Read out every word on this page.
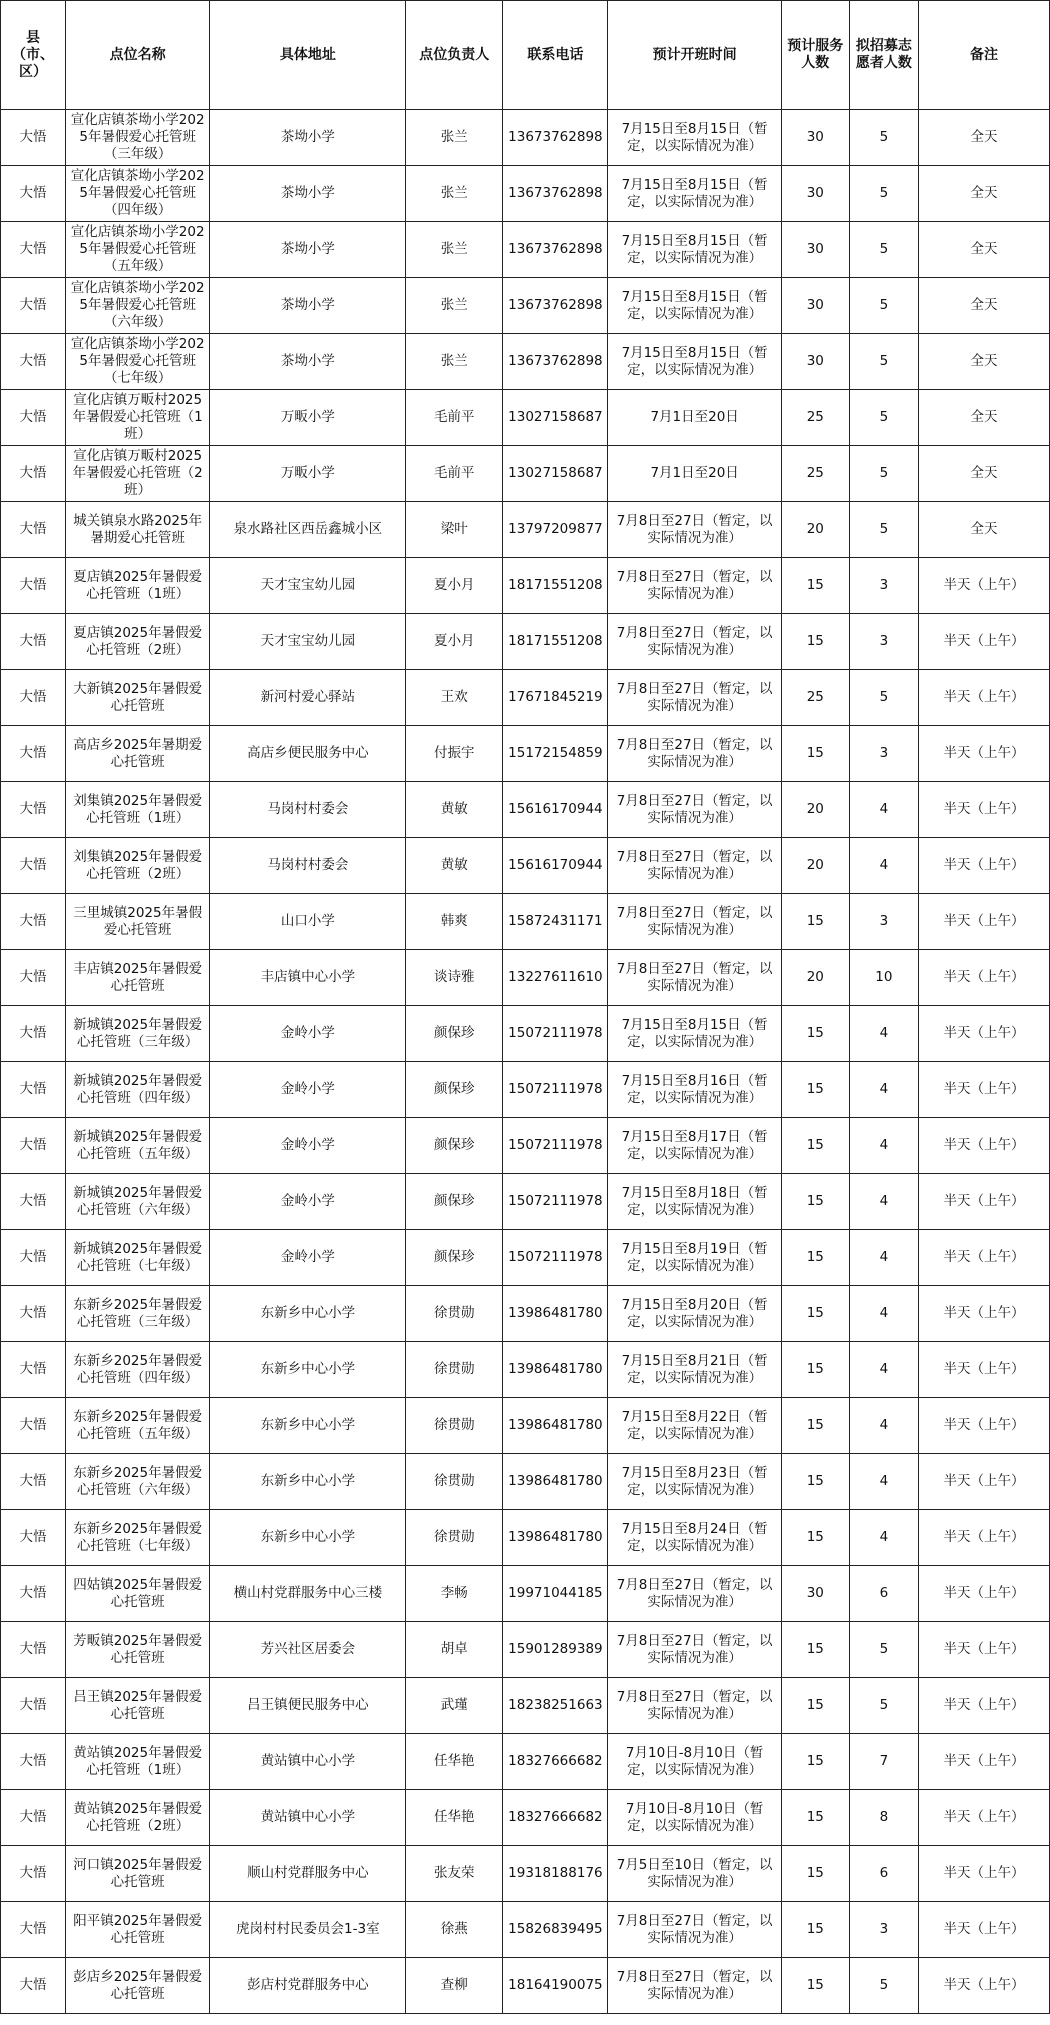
县（市、区）	点位名称	具体地址	点位负责人	联系电话	预计开班时间	预计服务人数	拟招募志愿者人数	备注
大悟	宣化店镇茶坳小学2025年暑假爱心托管班（三年级）	茶坳小学	张兰	13673762898	7月15日至8月15日（暂定，以实际情况为准）	30	5	全天
大悟	宣化店镇茶坳小学2025年暑假爱心托管班（四年级）	茶坳小学	张兰	13673762898	7月15日至8月15日（暂定，以实际情况为准）	30	5	全天
大悟	宣化店镇茶坳小学2025年暑假爱心托管班（五年级）	茶坳小学	张兰	13673762898	7月15日至8月15日（暂定，以实际情况为准）	30	5	全天
大悟	宣化店镇茶坳小学2025年暑假爱心托管班（六年级）	茶坳小学	张兰	13673762898	7月15日至8月15日（暂定，以实际情况为准）	30	5	全天
大悟	宣化店镇茶坳小学2025年暑假爱心托管班（七年级）	茶坳小学	张兰	13673762898	7月15日至8月15日（暂定，以实际情况为准）	30	5	全天
大悟	宣化店镇万畈村2025年暑假爱心托管班（1班）	万畈小学	毛前平	13027158687	7月1日至20日	25	5	全天
大悟	宣化店镇万畈村2025年暑假爱心托管班（2班）	万畈小学	毛前平	13027158687	7月1日至20日	25	5	全天
大悟	城关镇泉水路2025年暑期爱心托管班	泉水路社区西岳鑫城小区	梁叶	13797209877	7月8日至27日（暂定，以实际情况为准）	20	5	全天
大悟	夏店镇2025年暑假爱心托管班（1班）	天才宝宝幼儿园	夏小月	18171551208	7月8日至27日（暂定，以实际情况为准）	15	3	半天（上午）
大悟	夏店镇2025年暑假爱心托管班（2班）	天才宝宝幼儿园	夏小月	18171551208	7月8日至27日（暂定，以实际情况为准）	15	3	半天（上午）
大悟	大新镇2025年暑假爱心托管班	新河村爱心驿站	王欢	17671845219	7月8日至27日（暂定，以实际情况为准）	25	5	半天（上午）
大悟	高店乡2025年暑期爱心托管班	高店乡便民服务中心	付振宇	15172154859	7月8日至27日（暂定，以实际情况为准）	15	3	半天（上午）
大悟	刘集镇2025年暑假爱心托管班（1班）	马岗村村委会	黄敏	15616170944	7月8日至27日（暂定，以实际情况为准）	20	4	半天（上午）
大悟	刘集镇2025年暑假爱心托管班（2班）	马岗村村委会	黄敏	15616170944	7月8日至27日（暂定，以实际情况为准）	20	4	半天（上午）
大悟	三里城镇2025年暑假爱心托管班	山口小学	韩爽	15872431171	7月8日至27日（暂定，以实际情况为准）	15	3	半天（上午）
大悟	丰店镇2025年暑假爱心托管班	丰店镇中心小学	谈诗雅	13227611610	7月8日至27日（暂定，以实际情况为准）	20	10	半天（上午）
大悟	新城镇2025年暑假爱心托管班（三年级）	金岭小学	颜保珍	15072111978	7月15日至8月15日（暂定，以实际情况为准）	15	4	半天（上午）
大悟	新城镇2025年暑假爱心托管班（四年级）	金岭小学	颜保珍	15072111978	7月15日至8月16日（暂定，以实际情况为准）	15	4	半天（上午）
大悟	新城镇2025年暑假爱心托管班（五年级）	金岭小学	颜保珍	15072111978	7月15日至8月17日（暂定，以实际情况为准）	15	4	半天（上午）
大悟	新城镇2025年暑假爱心托管班（六年级）	金岭小学	颜保珍	15072111978	7月15日至8月18日（暂定，以实际情况为准）	15	4	半天（上午）
大悟	新城镇2025年暑假爱心托管班（七年级）	金岭小学	颜保珍	15072111978	7月15日至8月19日（暂定，以实际情况为准）	15	4	半天（上午）
大悟	东新乡2025年暑假爱心托管班（三年级）	东新乡中心小学	徐贯勋	13986481780	7月15日至8月20日（暂定，以实际情况为准）	15	4	半天（上午）
大悟	东新乡2025年暑假爱心托管班（四年级）	东新乡中心小学	徐贯勋	13986481780	7月15日至8月21日（暂定，以实际情况为准）	15	4	半天（上午）
大悟	东新乡2025年暑假爱心托管班（五年级）	东新乡中心小学	徐贯勋	13986481780	7月15日至8月22日（暂定，以实际情况为准）	15	4	半天（上午）
大悟	东新乡2025年暑假爱心托管班（六年级）	东新乡中心小学	徐贯勋	13986481780	7月15日至8月23日（暂定，以实际情况为准）	15	4	半天（上午）
大悟	东新乡2025年暑假爱心托管班（七年级）	东新乡中心小学	徐贯勋	13986481780	7月15日至8月24日（暂定，以实际情况为准）	15	4	半天（上午）
大悟	四姑镇2025年暑假爱心托管班	横山村党群服务中心三楼	李畅	19971044185	7月8日至27日（暂定，以实际情况为准）	30	6	半天（上午）
大悟	芳畈镇2025年暑假爱心托管班	芳兴社区居委会	胡卓	15901289389	7月8日至27日（暂定，以实际情况为准）	15	5	半天（上午）
大悟	吕王镇2025年暑假爱心托管班	吕王镇便民服务中心	武瑾	18238251663	7月8日至27日（暂定，以实际情况为准）	15	5	半天（上午）
大悟	黄站镇2025年暑假爱心托管班（1班）	黄站镇中心小学	任华艳	18327666682	7月10日-8月10日（暂定，以实际情况为准）	15	7	半天（上午）
大悟	黄站镇2025年暑假爱心托管班（2班）	黄站镇中心小学	任华艳	18327666682	7月10日-8月10日（暂定，以实际情况为准）	15	8	半天（上午）
大悟	河口镇2025年暑假爱心托管班	顺山村党群服务中心	张友荣	19318188176	7月5日至10日（暂定，以实际情况为准）	15	6	半天（上午）
大悟	阳平镇2025年暑假爱心托管班	虎岗村村民委员会1-3室	徐燕	15826839495	7月8日至27日（暂定，以实际情况为准）	15	3	半天（上午）
大悟	彭店乡2025年暑假爱心托管班	彭店村党群服务中心	查柳	18164190075	7月8日至27日（暂定，以实际情况为准）	15	5	半天（上午）
